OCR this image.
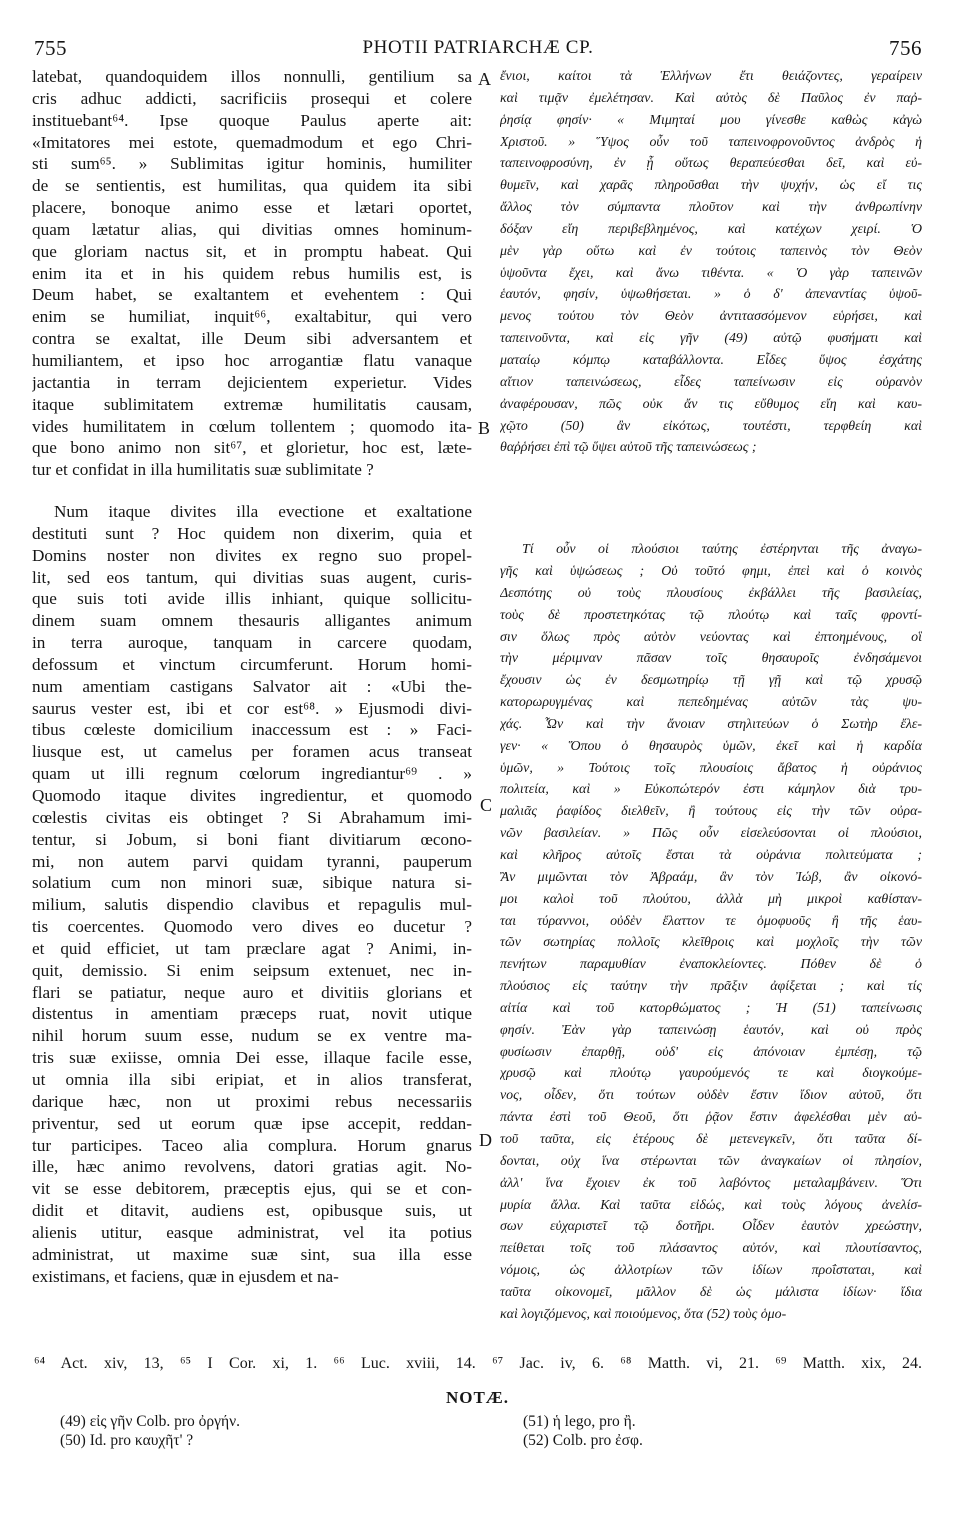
755	PHOTII PATRIARCHÆ CP.	756
A
B
C
D
latebat, quandoquidem illos nonnulli, gentilium sa
cris adhuc addicti, sacrificiis prosequi et colere
instituebant⁶⁴. Ipse quoque Paulus aperte ait:
«Imitatores mei estote, quemadmodum et ego Chri-
sti sum⁶⁵. » Sublimitas igitur hominis, humiliter
de se sentientis, est humilitas, qua quidem ita sibi
placere, bonoque animo esse et lætari oportet,
quam lætatur alias, qui divitias omnes hominum-
que gloriam nactus sit, et in promptu habeat. Qui
enim ita et in his quidem rebus humilis est, is
Deum habet, se exaltantem et evehentem : Qui
enim se humiliat, inquit⁶⁶, exaltabitur, qui vero
contra se exaltat, ille Deum sibi adversantem et
humiliantem, et ipso hoc arrogantiæ flatu vanaque
jactantia in terram dejicientem experietur. Vides
itaque sublimitatem extremæ humilitatis causam,
vides humilitatem in cœlum tollentem ; quomodo ita-
que bono animo non sit⁶⁷, et glorietur, hoc est, læte-
tur et confidat in illa humilitatis suæ sublimitate ?
Num itaque divites illa evectione et exaltatione
destituti sunt ? Hoc quidem non dixerim, quia et
Domins noster non divites ex regno suo propel-
lit, sed eos tantum, qui divitias suas augent, curis-
que suis toti avide illis inhiant, quique sollicitu-
dinem suam omnem thesauris alligantes animum
in terra auroque, tanquam in carcere quodam,
defossum et vinctum circumferunt. Horum homi-
num amentiam castigans Salvator ait : «Ubi the-
saurus vester est, ibi et cor est⁶⁸. » Ejusmodi divi-
tibus cœleste domicilium inaccessum est : » Faci-
liusque est, ut camelus per foramen acus transeat
quam ut illi regnum cœlorum ingrediantur⁶⁹ . »
Quomodo itaque divites ingredientur, et quomodo
cœlestis civitas eis obtinget ? Si Abrahamum imi-
tentur, si Jobum, si boni fiant divitiarum œcono-
mi, non autem parvi quidam tyranni, pauperum
solatium cum non minori suæ, sibique natura si-
milium, salutis dispendio clavibus et repagulis mul-
tis coercentes. Quomodo vero dives eo ducetur ?
et quid efficiet, ut tam præclare agat ? Animi, in-
quit, demissio. Si enim seipsum extenuet, nec in-
flari se patiatur, neque auro et divitiis glorians et
distentus in amentiam præceps ruat, novit utique
nihil horum suum esse, nudum se ex ventre ma-
tris suæ exiisse, omnia Dei esse, illaque facile esse,
ut omnia illa sibi eripiat, et in alios transferat,
darique hæc, non ut proximi rebus necessariis
priventur, sed ut eorum quæ ipse accepit, reddan-
tur participes. Taceo alia complura. Horum gnarus
ille, hæc animo revolvens, datori gratias agit. No-
vit se esse debitorem, præceptis ejus, qui se et con-
didit et ditavit, audiens est, opibusque suis, ut
alienis utitur, easque administrat, vel ita potius
administrat, ut maxime suæ sint, sua illa esse
existimans, et faciens, quæ in ejusdem et na-
ἔνιοι, καίτοι τὰ Ἑλλήνων ἔτι θειάζοντες, γεραίρειν
καὶ τιμᾷν ἐμελέτησαν. Καὶ αὐτὸς δὲ Παῦλος ἐν παῤ-
ῥησίᾳ φησίν· « Μιμηταί μου γίνεσθε καθὼς κἀγὼ
Χριστοῦ. » Ὕψος οὖν τοῦ ταπεινοφρονοῦντος ἀνδρὸς ἡ
ταπεινοφροσύνη, ἐν ᾗ οὕτως θεραπεύεσθαι δεῖ, καὶ εὐ-
θυμεῖν, καὶ χαρᾶς πληροῦσθαι τὴν ψυχήν, ὡς εἴ τις
ἄλλος τὸν σύμπαντα πλοῦτον καὶ τὴν ἀνθρωπίνην
δόξαν εἴη περιβεβλημένος, καὶ κατέχων χειρί. Ὁ
μὲν γὰρ οὕτω καὶ ἐν τούτοις ταπεινὸς τὸν Θεὸν
ὑψοῦντα ἔχει, καὶ ἄνω τιθέντα. « Ὁ γὰρ ταπεινῶν
ἑαυτόν, φησίν, ὑψωθήσεται. » ὁ δ' ἀπεναντίας ὑψοῦ-
μενος τούτου τὸν Θεὸν ἀντιτασσόμενον εὑρήσει, καὶ
ταπεινοῦντα, καὶ εἰς γῆν (49) αὐτῷ φυσήματι καὶ
ματαίῳ κόμπῳ καταβάλλοντα. Εἶδες ὕψος ἐσχάτης
αἴτιον ταπεινώσεως, εἶδες ταπείνωσιν εἰς οὐρανὸν
ἀναφέρουσαν, πῶς οὐκ ἄν τις εὔθυμος εἴη καὶ καυ-
χῷτο (50) ἂν εἰκότως, τουτέστι, τερφθείη καὶ
θαῤῥήσει ἐπὶ τῷ ὕψει αὐτοῦ τῆς ταπεινώσεως ;
Τί οὖν οἱ πλούσιοι ταύτης ἐστέρηνται τῆς ἀναγω-
γῆς καὶ ὑψώσεως ; Οὐ τοῦτό φημι, ἐπεὶ καὶ ὁ κοινὸς
Δεσπότης οὐ τοὺς πλουσίους ἐκβάλλει τῆς βασιλείας,
τοὺς δὲ προστετηκότας τῷ πλούτῳ καὶ ταῖς φροντί-
σιν ὅλως πρὸς αὐτὸν νεύοντας καὶ ἐπτοημένους, οἳ
τὴν μέριμναν πᾶσαν τοῖς θησαυροῖς ἐνδησάμενοι
ἔχουσιν ὡς ἐν δεσμωτηρίῳ τῇ γῇ καὶ τῷ χρυσῷ
κατορωρυγμένας καὶ πεπεδημένας αὐτῶν τὰς ψυ-
χάς. Ὧν καὶ τὴν ἄνοιαν στηλιτεύων ὁ Σωτὴρ ἔλε-
γεν· « Ὅπου ὁ θησαυρὸς ὑμῶν, ἐκεῖ καὶ ἡ καρδία
ὑμῶν, » Τούτοις τοῖς πλουσίοις ἄβατος ἡ οὐράνιος
πολιτεία, καὶ » Εὐκοπώτερόν ἐστι κάμηλον διὰ τρυ-
μαλιᾶς ῥαφίδος διελθεῖν, ἢ τούτους εἰς τὴν τῶν οὐρα-
νῶν βασιλείαν. » Πῶς οὖν εἰσελεύσονται οἱ πλούσιοι,
καὶ κλῆρος αὐτοῖς ἔσται τὰ οὐράνια πολιτεύματα ;
Ἂν μιμῶνται τὸν Ἀβραάμ, ἂν τὸν Ἰώβ, ἂν οἰκονό-
μοι καλοὶ τοῦ πλούτου, ἀλλὰ μὴ μικροὶ καθίσταν-
ται τύραννοι, οὐδὲν ἔλαττον τε ὁμοφυοῦς ἢ τῆς ἑαυ-
τῶν σωτηρίας πολλοῖς κλεῖθροις καὶ μοχλοῖς τὴν τῶν
πενήτων παραμυθίαν ἐναποκλείοντες. Πόθεν δὲ ὁ
πλούσιος εἰς ταύτην τὴν πρᾶξιν ἀφίξεται ; καὶ τίς
αἰτία καὶ τοῦ κατορθώματος ; Ἡ (51) ταπείνωσις
φησίν. Ἐὰν γὰρ ταπεινώσῃ ἑαυτόν, καὶ οὐ πρὸς
φυσίωσιν ἐπαρθῇ, οὐδ' εἰς ἀπόνοιαν ἐμπέσῃ, τῷ
χρυσῷ καὶ πλούτῳ γαυρούμενός τε καὶ διογκούμε-
νος, οἶδεν, ὅτι τούτων οὐδὲν ἔστιν ἴδιον αὐτοῦ, ὅτι
πάντα ἐστὶ τοῦ Θεοῦ, ὅτι ῥᾷον ἔστιν ἀφελέσθαι μὲν αὐ-
τοῦ ταῦτα, εἰς ἑτέρους δὲ μετενεγκεῖν, ὅτι ταῦτα δί-
δονται, οὐχ ἵνα στέρωνται τῶν ἀναγκαίων οἱ πλησίον,
ἀλλ' ἵνα ἔχοιεν ἐκ τοῦ λαβόντος μεταλαμβάνειν. Ὅτι
μυρία ἄλλα. Καὶ ταῦτα εἰδώς, καὶ τοὺς λόγους ἀνελίσ-
σων εὐχαριστεῖ τῷ δοτῆρι. Οἶδεν ἑαυτὸν χρεώστην,
πείθεται τοῖς τοῦ πλάσαντος αὐτόν, καὶ πλουτίσαντος,
νόμοις, ὡς ἀλλοτρίων τῶν ἰδίων προΐσταται, καὶ
ταῦτα οἰκονομεῖ, μᾶλλον δὲ ὡς μάλιστα ἰδίων· ἴδια
καὶ λογιζόμενος, καὶ ποιούμενος, ὅτα (52) τοὺς ὁμο-
⁶⁴ Act. xiv, 13, ⁶⁵ I Cor. xi, 1. ⁶⁶ Luc. xviii, 14. ⁶⁷ Jac. iv, 6. ⁶⁸ Matth. vi, 21. ⁶⁹ Matth. xix, 24.
NOTÆ.
(49) εἰς γῆν Colb. pro ὀργήν.
(50) Id. pro καυχῆτ' ?
(51) ἡ lego, pro ἢ.
(52) Colb. pro ἐσφ.
